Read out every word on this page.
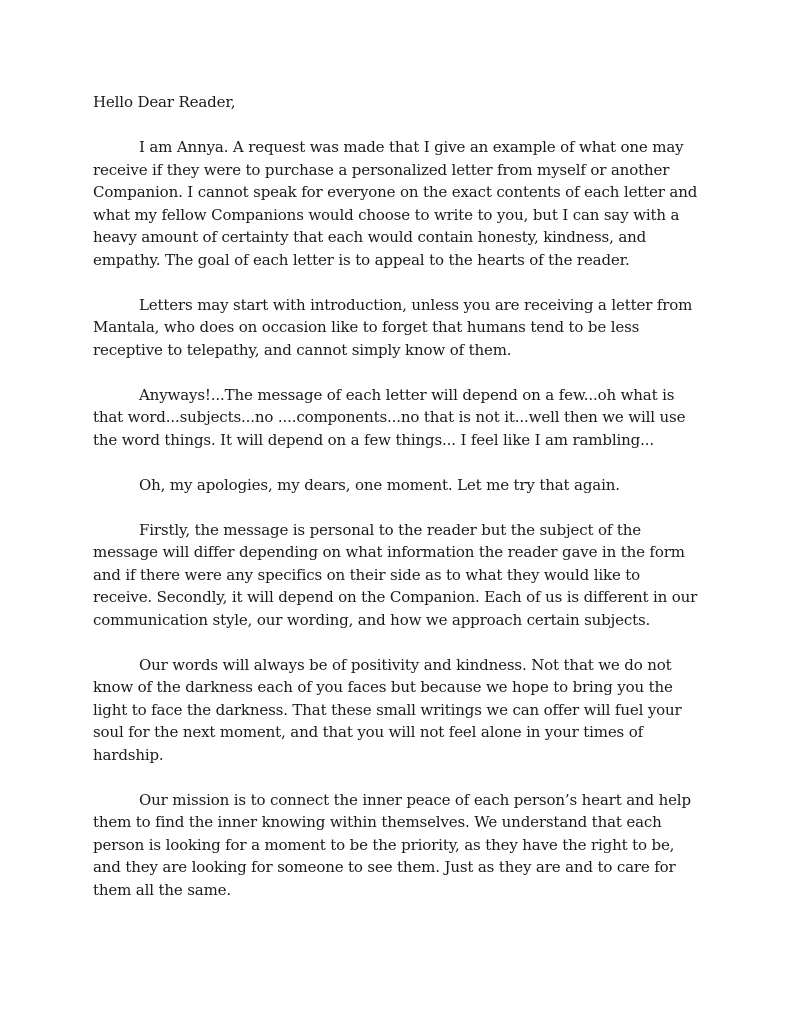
Hello Dear Reader,

I am Annya. A request was made that I give an example of what one may receive if they were to purchase a personalized letter from myself or another Companion. I cannot speak for everyone on the exact contents of each letter and what my fellow Companions would choose to write to you, but I can say with a heavy amount of certainty that each would contain honesty, kindness, and empathy. The goal of each letter is to appeal to the hearts of the reader.

Letters may start with introduction, unless you are receiving a letter from Mantala, who does on occasion like to forget that humans tend to be less receptive to telepathy, and cannot simply know of them.

Anyways!...The message of each letter will depend on a few...oh what is that word...subjects...no ....components...no that is not it...well then we will use the word things. It will depend on a few things... I feel like I am rambling...

Oh, my apologies, my dears, one moment. Let me try that again.

Firstly, the message is personal to the reader but the subject of the message will differ depending on what information the reader gave in the form and if there were any specifics on their side as to what they would like to receive. Secondly, it will depend on the Companion. Each of us is different in our communication style, our wording, and how we approach certain subjects.

Our words will always be of positivity and kindness. Not that we do not know of the darkness each of you faces but because we hope to bring you the light to face the darkness. That these small writings we can offer will fuel your soul for the next moment, and that you will not feel alone in your times of hardship.

Our mission is to connect the inner peace of each person’s heart and help them to find the inner knowing within themselves. We understand that each person is looking for a moment to be the priority, as they have the right to be, and they are looking for someone to see them. Just as they are and to care for them all the same.
